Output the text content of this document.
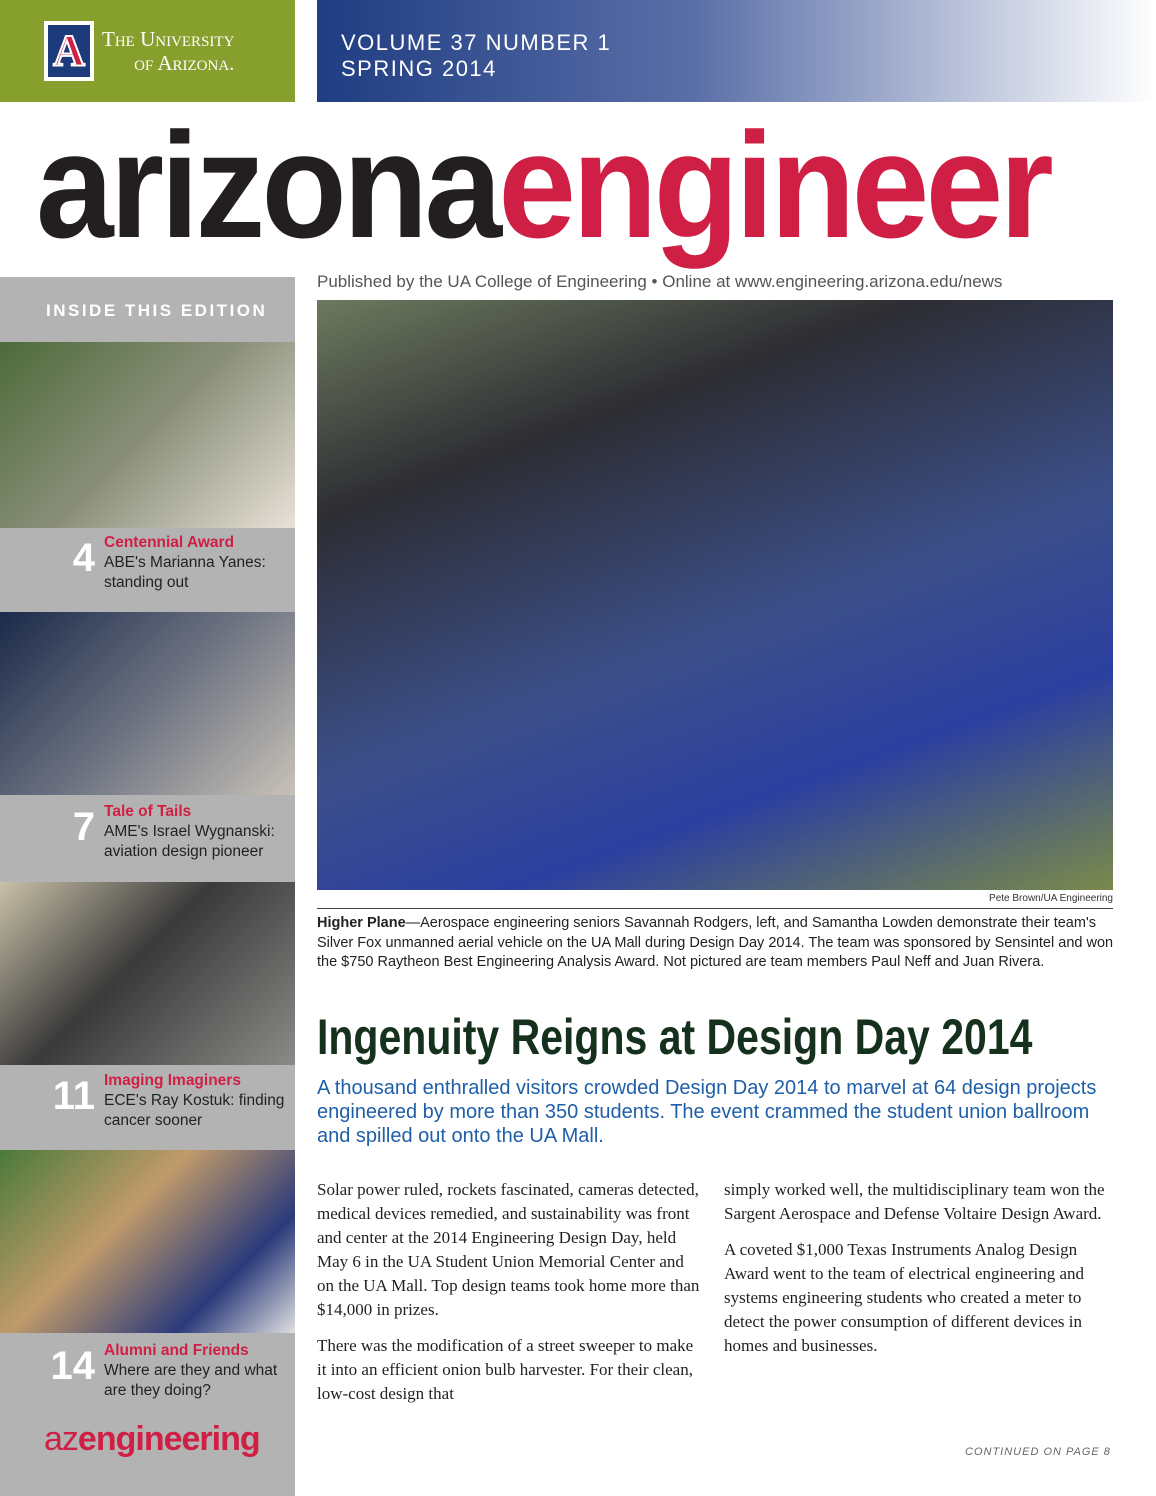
A The University
of Arizona.
VOLUME 37 NUMBER 1
SPRING 2014
arizonaengineer
Published by the UA College of Engineering • Online at www.engineering.arizona.edu/news
INSIDE THIS EDITION
4 Centennial Award
ABE's Marianna Yanes: standing out
7 Tale of Tails
AME's Israel Wygnanski: aviation design pioneer
11 Imaging Imaginers
ECE's Ray Kostuk: finding cancer sooner
14 Alumni and Friends
Where are they and what are they doing?
azengineering
Pete Brown/UA Engineering
Higher Plane—Aerospace engineering seniors Savannah Rodgers, left, and Samantha Lowden demonstrate their team's Silver Fox unmanned aerial vehicle on the UA Mall during Design Day 2014. The team was sponsored by Sensintel and won the $750 Raytheon Best Engineering Analysis Award. Not pictured are team members Paul Neff and Juan Rivera.
Ingenuity Reigns at Design Day 2014
A thousand enthralled visitors crowded Design Day 2014 to marvel at 64 design projects engineered by more than 350 students. The event crammed the student union ballroom and spilled out onto the UA Mall.

Solar power ruled, rockets fascinated, cameras detected, medical devices remedied, and sustainability was front and center at the 2014 Engineering Design Day, held May 6 in the UA Student Union Memorial Center and on the UA Mall. Top design teams took home more than $14,000 in prizes.

There was the modification of a street sweeper to make it into an efficient onion bulb harvester. For their clean, low-cost design that

simply worked well, the multidisciplinary team won the Sargent Aerospace and Defense Voltaire Design Award.

A coveted $1,000 Texas Instruments Analog Design Award went to the team of electrical engineering and systems engineering students who created a meter to detect the power consumption of different devices in homes and businesses.

CONTINUED ON PAGE 8
